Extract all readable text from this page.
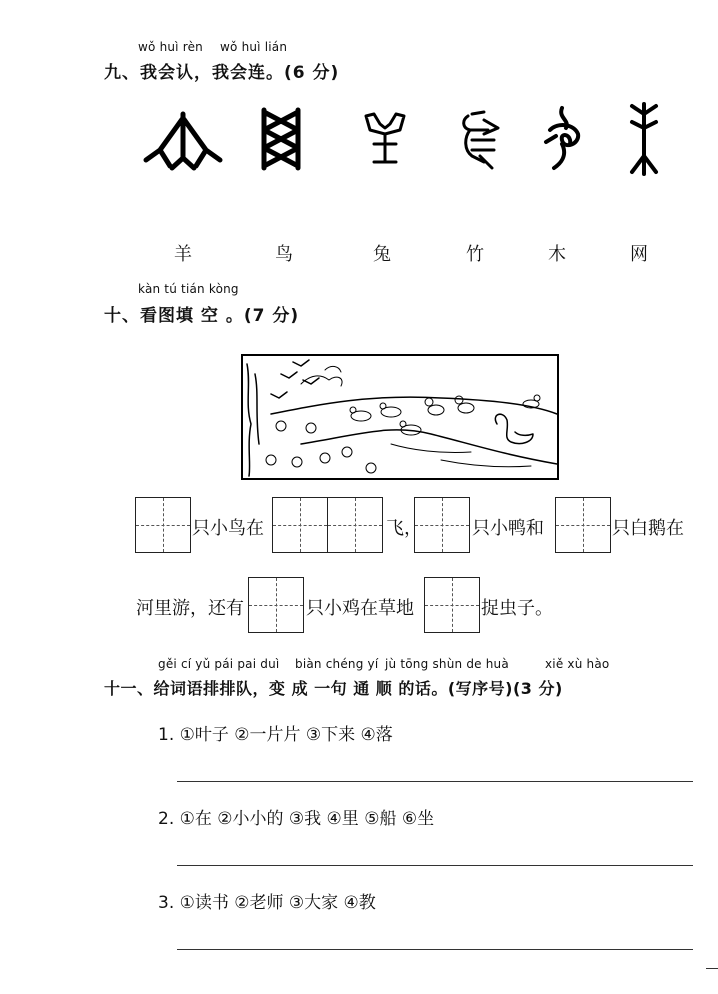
wǒ huì rèn wǒ huì lián
九、我会认，我会连。(6 分)
羊	鸟	兔	竹	木	网
kàn tú tián kòng
十、看图填 空 。(7 分)
只小鸟在	飞，	只小鸭和	只白鹅在
河里游，还有	只小鸡在草地	捉虫子。
gěi cí yǔ pái pai duì biàn chéng yí jù tōng shùn de huà	xiě xù hào
十一、给词语排排队，变 成 一句 通 顺 的话。(写序号)(3 分)
1. ①叶子 ②一片片 ③下来 ④落
2. ①在 ②小小的 ③我 ④里 ⑤船 ⑥坐
3. ①读书 ②老师 ③大家 ④教
